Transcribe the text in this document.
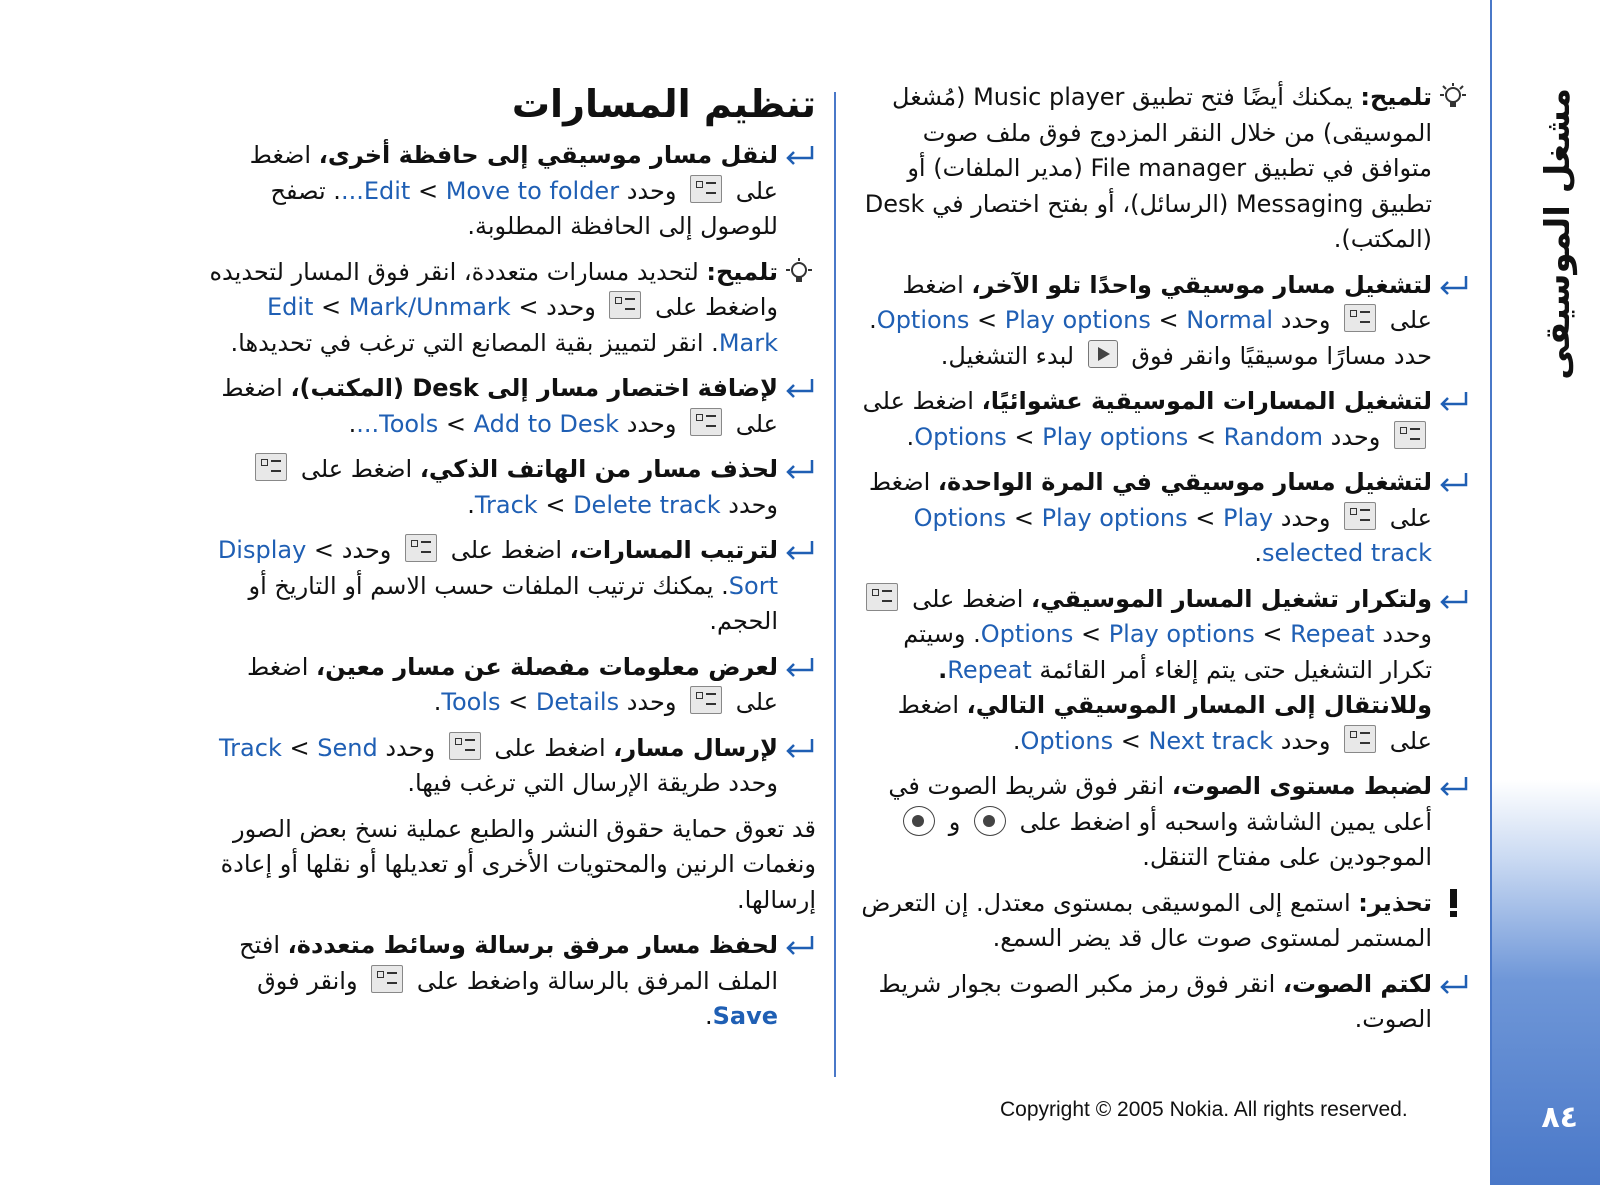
مشغل الموسيقى
٨٤
تلميح: يمكنك أيضًا فتح تطبيق Music player (مُشغل الموسيقى) من خلال النقر المزدوج فوق ملف صوت متوافق في تطبيق File manager (مدير الملفات) أو تطبيق Messaging (الرسائل)، أو بفتح اختصار في Desk (المكتب).
لتشغيل مسار موسيقي واحدًا تلو الآخر، اضغط على  وحدد Options < Play options < Normal. حدد مسارًا موسيقيًا وانقر فوق  لبدء التشغيل.
لتشغيل المسارات الموسيقية عشوائيًا، اضغط على  وحدد Options < Play options < Random.
لتشغيل مسار موسيقي في المرة الواحدة، اضغط على  وحدد Options < Play options < Play selected track.
ولتكرار تشغيل المسار الموسيقي، اضغط على  وحدد Options < Play options < Repeat. وسيتم تكرار التشغيل حتى يتم إلغاء أمر القائمة Repeat. وللانتقال إلى المسار الموسيقي التالي، اضغط على  وحدد Options < Next track.
لضبط مستوى الصوت، انقر فوق شريط الصوت في أعلى يمين الشاشة واسحبه أو اضغط على  و  الموجودين على مفتاح التنقل.
تحذير: استمع إلى الموسيقى بمستوى معتدل. إن التعرض المستمر لمستوى صوت عال قد يضر السمع.
لكتم الصوت، انقر فوق رمز مكبر الصوت بجوار شريط الصوت.
تنظيم المسارات
لنقل مسار موسيقي إلى حافظة أخرى، اضغط على  وحدد Edit < Move to folder.... تصفح للوصول إلى الحافظة المطلوبة.
تلميح: لتحديد مسارات متعددة، انقر فوق المسار لتحديده واضغط على  وحدد Edit < Mark/Unmark < Mark. انقر لتمييز بقية المصانع التي ترغب في تحديدها.
لإضافة اختصار مسار إلى Desk (المكتب)، اضغط على  وحدد Tools < Add to Desk....
لحذف مسار من الهاتف الذكي، اضغط على  وحدد Track < Delete track.
لترتيب المسارات، اضغط على  وحدد Display < Sort. يمكنك ترتيب الملفات حسب الاسم أو التاريخ أو الحجم.
لعرض معلومات مفصلة عن مسار معين، اضغط على  وحدد Tools < Details.
لإرسال مسار، اضغط على  وحدد Track < Send وحدد طريقة الإرسال التي ترغب فيها.
قد تعوق حماية حقوق النشر والطبع عملية نسخ بعض الصور ونغمات الرنين والمحتويات الأخرى أو تعديلها أو نقلها أو إعادة إرسالها.
لحفظ مسار مرفق برسالة وسائط متعددة، افتح الملف المرفق بالرسالة واضغط على  وانقر فوق Save.
Copyright © 2005 Nokia. All rights reserved.
